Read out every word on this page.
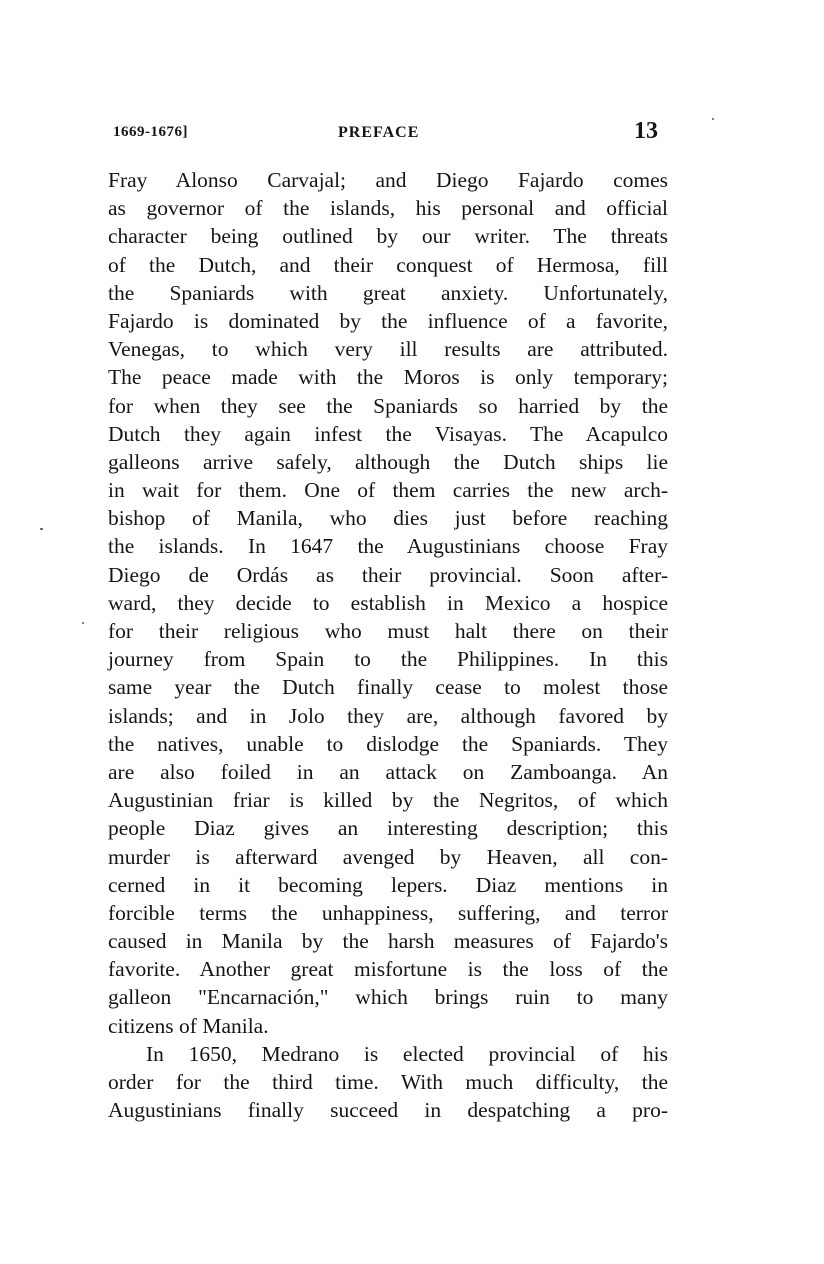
1669-1676]	PREFACE	13
Fray Alonso Carvajal; and Diego Fajardo comes
as governor of the islands, his personal and official
character being outlined by our writer. The threats
of the Dutch, and their conquest of Hermosa, fill
the Spaniards with great anxiety. Unfortunately,
Fajardo is dominated by the influence of a favorite,
Venegas, to which very ill results are attributed.
The peace made with the Moros is only temporary;
for when they see the Spaniards so harried by the
Dutch they again infest the Visayas. The Acapulco
galleons arrive safely, although the Dutch ships lie
in wait for them. One of them carries the new arch-
bishop of Manila, who dies just before reaching
the islands. In 1647 the Augustinians choose Fray
Diego de Ordás as their provincial. Soon after-
ward, they decide to establish in Mexico a hospice
for their religious who must halt there on their
journey from Spain to the Philippines. In this
same year the Dutch finally cease to molest those
islands; and in Jolo they are, although favored by
the natives, unable to dislodge the Spaniards. They
are also foiled in an attack on Zamboanga. An
Augustinian friar is killed by the Negritos, of which
people Diaz gives an interesting description; this
murder is afterward avenged by Heaven, all con-
cerned in it becoming lepers. Diaz mentions in
forcible terms the unhappiness, suffering, and terror
caused in Manila by the harsh measures of Fajardo's
favorite. Another great misfortune is the loss of the
galleon "Encarnación," which brings ruin to many
citizens of Manila.
In 1650, Medrano is elected provincial of his
order for the third time. With much difficulty, the
Augustinians finally succeed in despatching a pro-
